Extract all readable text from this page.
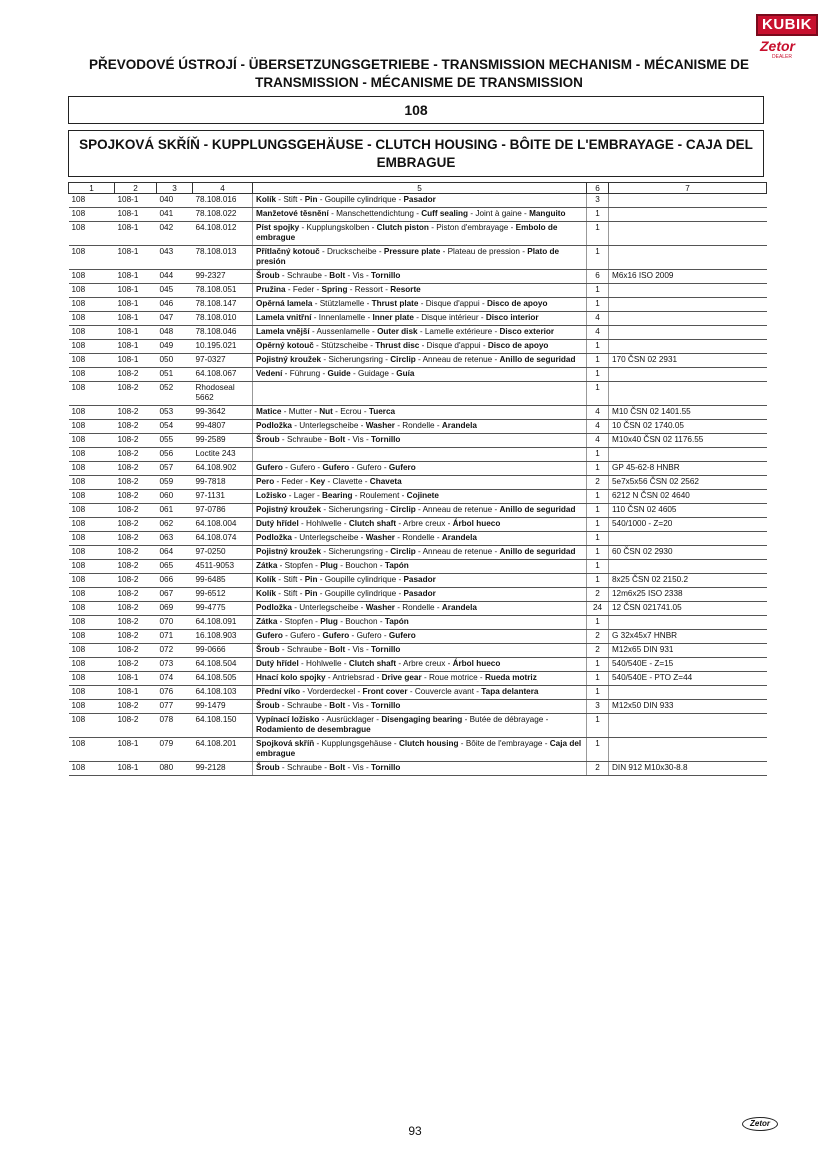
KUBIK
Zetor
DEALER
PŘEVODOVÉ ÚSTROJÍ - ÜBERSETZUNGSGETRIEBE - TRANSMISSION MECHANISM - MÉCANISME DE TRANSMISSION - MÉCANISME DE TRANSMISSION
108
SPOJKOVÁ SKŘÍŇ - KUPPLUNGSGEHÄUSE - CLUTCH HOUSING - BÔITE DE L'EMBRAYAGE - CAJA DEL EMBRAGUE
1	2	3	4	5	6	7
108	108-1	040	78.108.016	Kolík - Stift - Pin - Goupille cylindrique - Pasador	3	
108	108-1	041	78.108.022	Manžetové těsnění - Manschettendichtung - Cuff sealing - Joint à gaine - Manguito	1	
108	108-1	042	64.108.012	Píst spojky - Kupplungskolben - Clutch piston - Piston d'embrayage - Embolo de embrague	1	
108	108-1	043	78.108.013	Přítlačný kotouč - Druckscheibe - Pressure plate - Plateau de pression - Plato de presión	1	
108	108-1	044	99-2327	Šroub - Schraube - Bolt - Vis - Tornillo	6	M6x16 ISO 2009
108	108-1	045	78.108.051	Pružina - Feder - Spring - Ressort - Resorte	1	
108	108-1	046	78.108.147	Opěrná lamela - Stützlamelle - Thrust plate - Disque d'appui - Disco de apoyo	1	
108	108-1	047	78.108.010	Lamela vnitřní - Innenlamelle - Inner plate - Disque intérieur - Disco interior	4	
108	108-1	048	78.108.046	Lamela vnější - Aussenlamelle - Outer disk - Lamelle extérieure - Disco exterior	4	
108	108-1	049	10.195.021	Opěrný kotouč - Stützscheibe - Thrust disc - Disque d'appui - Disco de apoyo	1	
108	108-1	050	97-0327	Pojistný kroužek - Sicherungsring - Circlip - Anneau de retenue - Anillo de seguridad	1	170 ČSN 02 2931
108	108-2	051	64.108.067	Vedení - Führung - Guide - Guidage - Guía	1	
108	108-2	052	Rhodoseal 5662		1	
108	108-2	053	99-3642	Matice - Mutter - Nut - Ecrou - Tuerca	4	M10 ČSN 02 1401.55
108	108-2	054	99-4807	Podložka - Unterlegscheibe - Washer - Rondelle - Arandela	4	10 ČSN 02 1740.05
108	108-2	055	99-2589	Šroub - Schraube - Bolt - Vis - Tornillo	4	M10x40 ČSN 02 1176.55
108	108-2	056	Loctite 243		1	
108	108-2	057	64.108.902	Gufero - Gufero - Gufero - Gufero - Gufero	1	GP 45-62-8 HNBR
108	108-2	059	99-7818	Pero - Feder - Key - Clavette - Chaveta	2	5e7x5x56 ČSN 02 2562
108	108-2	060	97-1131	Ložisko - Lager - Bearing - Roulement - Cojinete	1	6212 N ČSN 02 4640
108	108-2	061	97-0786	Pojistný kroužek - Sicherungsring - Circlip - Anneau de retenue - Anillo de seguridad	1	110 ČSN 02 4605
108	108-2	062	64.108.004	Dutý hřídel - Hohlwelle - Clutch shaft - Arbre creux - Árbol hueco	1	540/1000 - Z=20
108	108-2	063	64.108.074	Podložka - Unterlegscheibe - Washer - Rondelle - Arandela	1	
108	108-2	064	97-0250	Pojistný kroužek - Sicherungsring - Circlip - Anneau de retenue - Anillo de seguridad	1	60 ČSN 02 2930
108	108-2	065	4511-9053	Zátka - Stopfen - Plug - Bouchon - Tapón	1	
108	108-2	066	99-6485	Kolík - Stift - Pin - Goupille cylindrique - Pasador	1	8x25 ČSN 02 2150.2
108	108-2	067	99-6512	Kolík - Stift - Pin - Goupille cylindrique - Pasador	2	12m6x25 ISO 2338
108	108-2	069	99-4775	Podložka - Unterlegscheibe - Washer - Rondelle - Arandela	24	12 ČSN 021741.05
108	108-2	070	64.108.091	Zátka - Stopfen - Plug - Bouchon - Tapón	1	
108	108-2	071	16.108.903	Gufero - Gufero - Gufero - Gufero - Gufero	2	G 32x45x7 HNBR
108	108-2	072	99-0666	Šroub - Schraube - Bolt - Vis - Tornillo	2	M12x65 DIN 931
108	108-2	073	64.108.504	Dutý hřídel - Hohlwelle - Clutch shaft - Arbre creux - Árbol hueco	1	540/540E - Z=15
108	108-1	074	64.108.505	Hnací kolo spojky - Antriebsrad - Drive gear - Roue motrice - Rueda motriz	1	540/540E - PTO Z=44
108	108-1	076	64.108.103	Přední víko - Vorderdeckel - Front cover - Couvercle avant - Tapa delantera	1	
108	108-2	077	99-1479	Šroub - Schraube - Bolt - Vis - Tornillo	3	M12x50 DIN 933
108	108-2	078	64.108.150	Vypínací ložisko - Ausrücklager - Disengaging bearing - Butée de débrayage - Rodamiento de desembrague	1	
108	108-1	079	64.108.201	Spojková skříň - Kupplungsgehäuse - Clutch housing - Bôite de l'embrayage - Caja del embrague	1	
108	108-1	080	99-2128	Šroub - Schraube - Bolt - Vis - Tornillo	2	DIN 912 M10x30-8.8
93
Zetor
